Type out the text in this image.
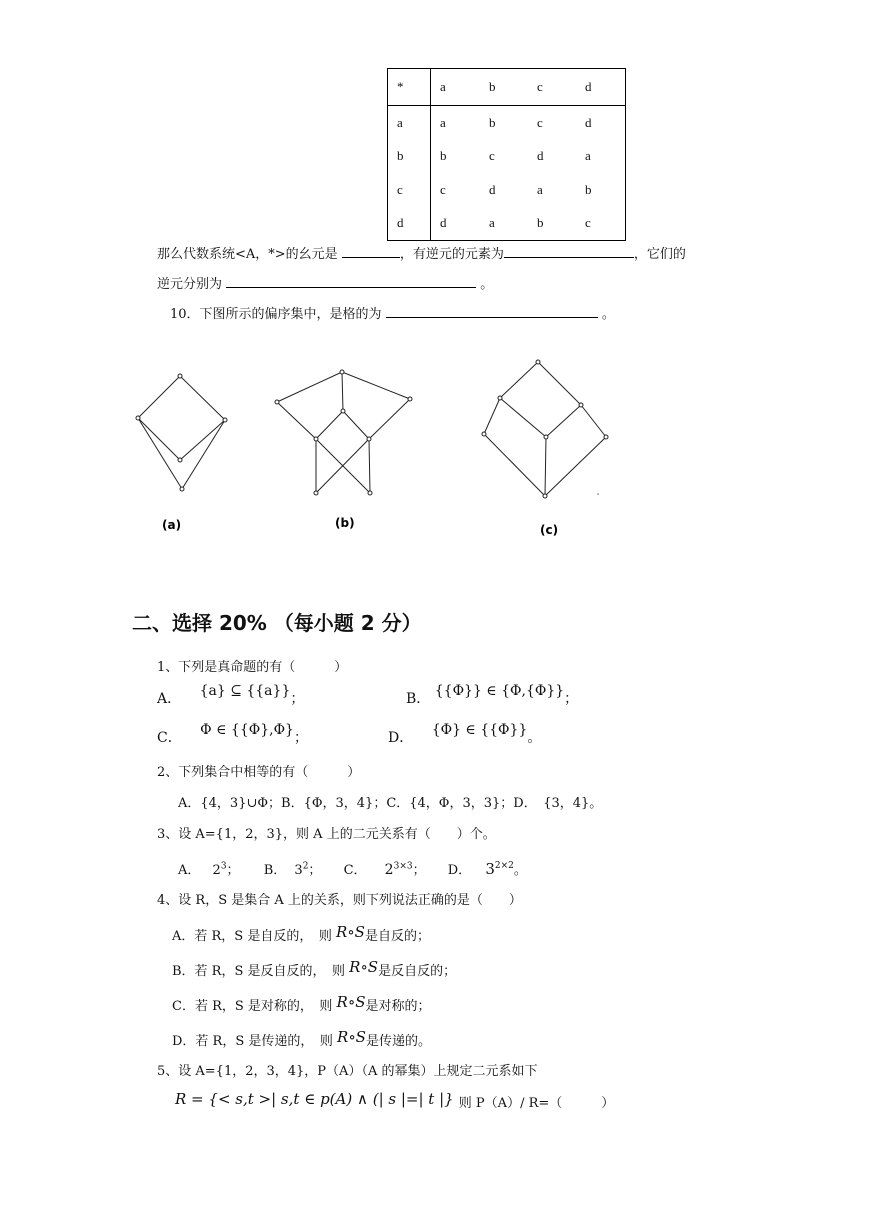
*	a	b	c	d
a	a	b	c	d
b	b	c	d	a
c	c	d	a	b
d	d	a	b	c
那么代数系统<A，*>的幺元是	，有逆元的元素为	，它们的
逆元分别为	。
10．下图所示的偏序集中，是格的为	。
(a)	(b)	(c)
二、选择 20% （每小题 2 分）
1、下列是真命题的有（　　　）
A． {a} ⊆ {{a}}；	B． {{Φ}} ∈ {Φ,{Φ}}；
C． Φ ∈ {{Φ},Φ}；	D． {Φ} ∈ {{Φ}}。
2、下列集合中相等的有（　　　）
A．{4，3}∪Φ；B．{Φ，3，4}；C．{4，Φ，3，3}；D．　{3，4}。
3、设 A={1，2，3}，则 A 上的二元关系有（　　）个。
A． $2^3$； B． $3^2$； C． $2^{3\times 3}$； D． $3^{2\times 2}$。
4、设 R，S 是集合 A 上的关系，则下列说法正确的是（　　）
A．若 R，S 是自反的，　则 R∘S是自反的；
B．若 R，S 是反自反的，　则 R∘S是反自反的；
C．若 R，S 是对称的，　则 R∘S是对称的；
D．若 R，S 是传递的，　则 R∘S是传递的。
5、设 A={1，2，3，4}，P（A）（A 的幂集）上规定二元系如下
R = {< s,t >| s,t ∈ p(A) ∧ (| s |=| t |} 则 P（A）/ R=（　　　）
